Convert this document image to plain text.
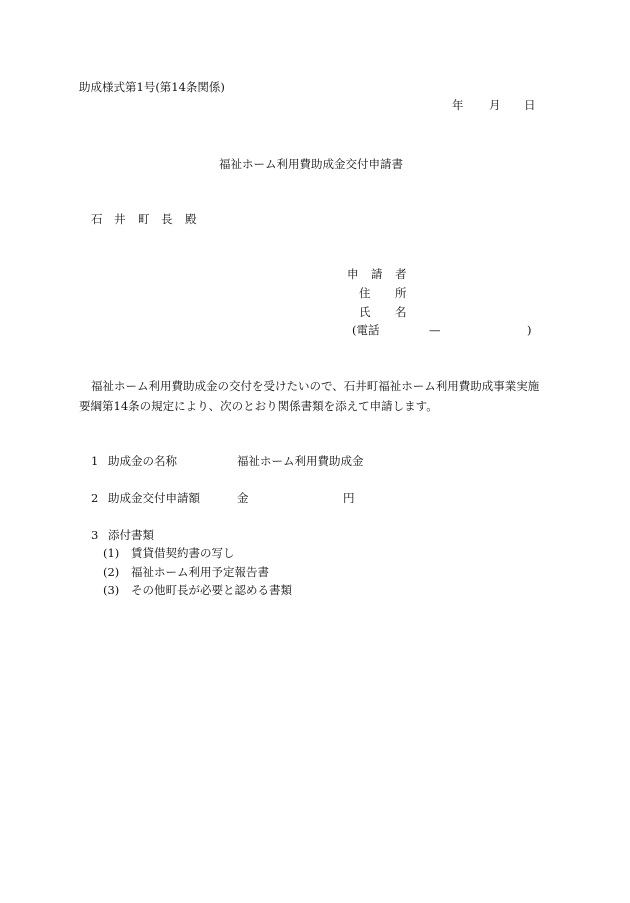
助成様式第1号(第14条関係)
年 月 日
福祉ホーム利用費助成金交付申請書
石 井 町 長 殿
申 請 者
住 所
氏 名
(電話	—	)
福祉ホーム利用費助成金の交付を受けたいので、石井町福祉ホーム利用費助成事業実施
要綱第14条の規定により、次のとおり関係書類を添えて申請します。
1 助成金の名称	福祉ホーム利用費助成金
2 助成金交付申請額	金	円
3 添付書類
(1) 賃貸借契約書の写し
(2) 福祉ホーム利用予定報告書
(3) その他町長が必要と認める書類
